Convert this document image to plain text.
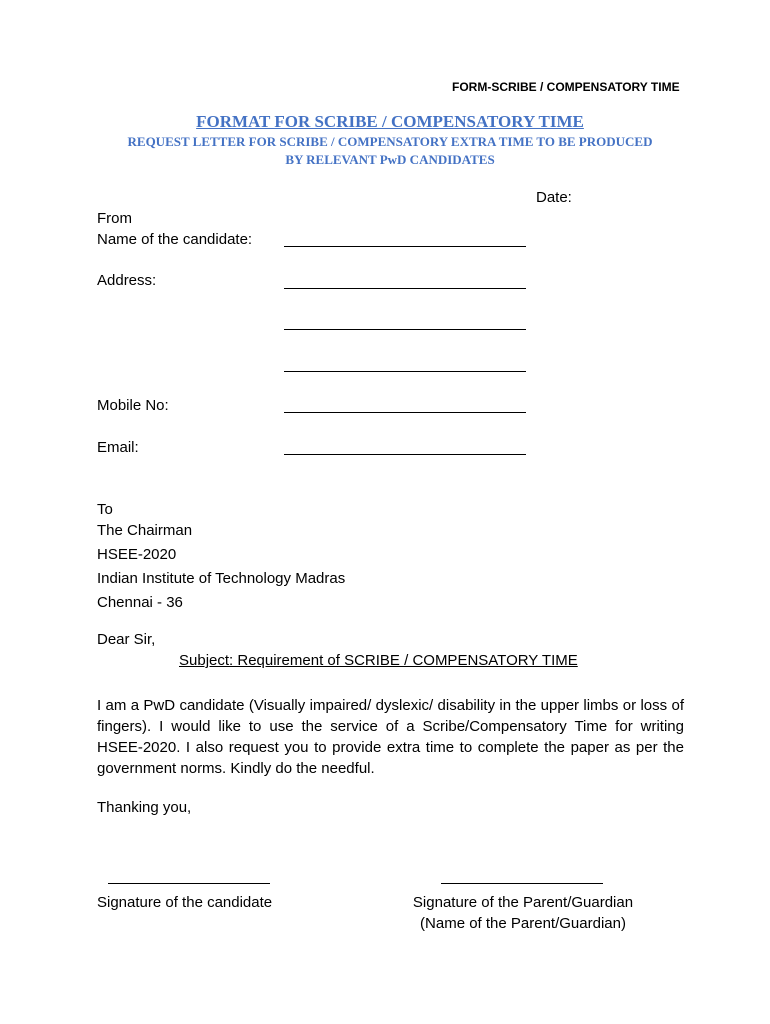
FORM-SCRIBE / COMPENSATORY TIME
FORMAT FOR SCRIBE / COMPENSATORY TIME
REQUEST LETTER FOR SCRIBE / COMPENSATORY EXTRA TIME TO BE PRODUCED
BY RELEVANT PwD CANDIDATES
Date:
From
Name of the candidate:
Address:
Mobile No:
Email:
To
The Chairman
HSEE-2020
Indian Institute of Technology Madras
Chennai - 36
Dear Sir,
Subject: Requirement of SCRIBE / COMPENSATORY TIME
I am a PwD candidate (Visually impaired/ dyslexic/ disability in the upper limbs or loss of fingers). I would like to use the service of a Scribe/Compensatory Time for writing HSEE-2020. I also request you to provide extra time to complete the paper as per the government norms. Kindly do the needful.
Thanking you,
Signature of the candidate	Signature of the Parent/Guardian
(Name of the Parent/Guardian)
